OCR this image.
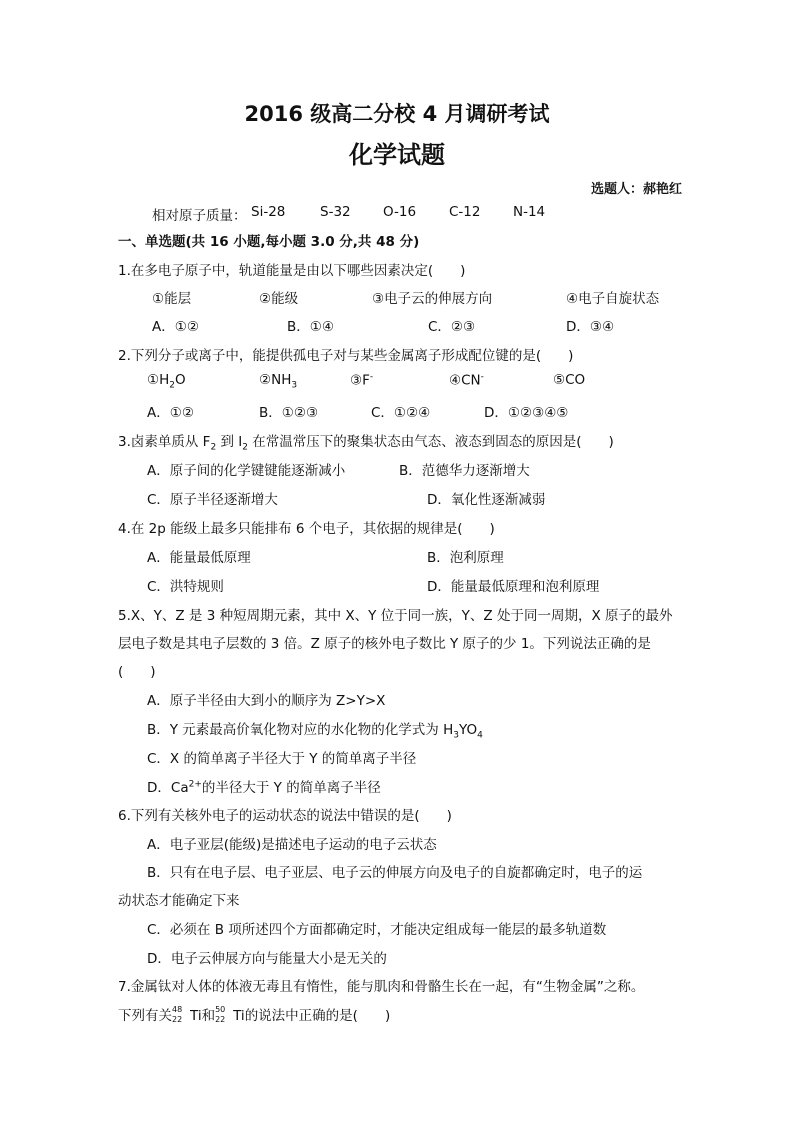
2016 级高二分校 4 月调研考试
化学试题
选题人：郝艳红
相对原子质量： Si-28	S-32 O-16 C-12 N-14
一、单选题(共 16 小题,每小题 3.0 分,共 48 分)
1.在多电子原子中，轨道能量是由以下哪些因素决定(　　)
①能层	②能级	③电子云的伸展方向	④电子自旋状态
A．①②	B．①④	C．②③	D．③④
2.下列分子或离子中，能提供孤电子对与某些金属离子形成配位键的是(　　)
$①H_2O$	$②NH_3$	③F-	④CN-	⑤CO
A．①②	B．①②③	C．①②④	D．①②③④⑤
3.卤素单质从 $F_2$ 到 $I_2$ 在常温常压下的聚集状态由气态、液态到固态的原因是(　　)
A．原子间的化学键键能逐渐减小	B．范德华力逐渐增大
C．原子半径逐渐增大	D．氧化性逐渐减弱
4.在 2p 能级上最多只能排布 6 个电子，其依据的规律是(　　)
A．能量最低原理	B．泡利原理
C．洪特规则	D．能量最低原理和泡利原理
5.X、Y、Z 是 3 种短周期元素，其中 X、Y 位于同一族，Y、Z 处于同一周期，X 原子的最外
层电子数是其电子层数的 3 倍。Z 原子的核外电子数比 Y 原子的少 1。下列说法正确的是
(　　)
A．原子半径由大到小的顺序为 Z>Y>X
B．Y 元素最高价氧化物对应的水化物的化学式为 $H_3YO_4$
C．X 的简单离子半径大于 Y 的简单离子半径
D．$Ca^{2+}$的半径大于 Y 的简单离子半径
6.下列有关核外电子的运动状态的说法中错误的是(　　)
A．电子亚层(能级)是描述电子运动的电子云状态
B．只有在电子层、电子亚层、电子云的伸展方向及电子的自旋都确定时，电子的运
动状态才能确定下来
C．必须在 B 项所述四个方面都确定时，才能决定组成每一能层的最多轨道数
D．电子云伸展方向与能量大小是无关的
7.金属钛对人体的体液无毒且有惰性，能与肌肉和骨骼生长在一起，有“生物金属”之称。
下列有关 48
22 Ti和 50
22 Ti的说法中正确的是(　　)
